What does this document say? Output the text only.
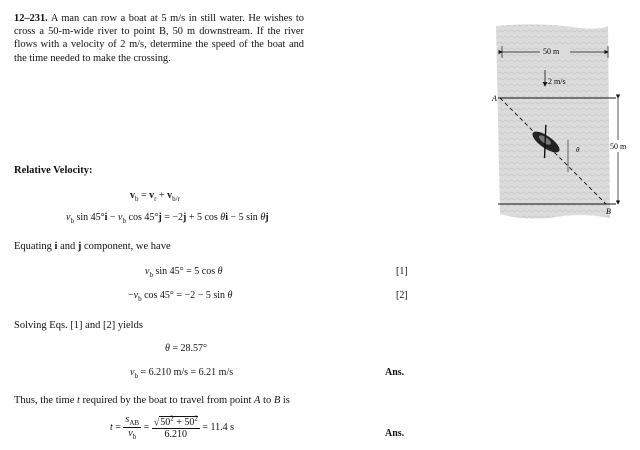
12–231. A man can row a boat at 5 m/s in still water. He wishes to cross a 50-m-wide river to point B, 50 m downstream. If the river flows with a velocity of 2 m/s, determine the speed of the boat and the time needed to make the crossing.
50 m
2 m/s
A
B
θ	50 m
Relative Velocity:
$v_b = v_r + v_{b/r}$
$v_b$ $\sin 45^\circ i - v_b$ cos 45°j = −2j + 5 cos θi − 5 sin θj
Equating i and j component, we have
$v_b$ sin 45° = 5 cos θ	[1]
$-v_b$ cos 45° = −2 − 5 sin θ	[2]
Solving Eqs. [1] and [2] yields
θ = 28.57°
$v_b = 6.210$ m/s = 6.21 m/s	Ans.
Thus, the time t required by the boat to travel from point A to B is
$t = \frac{s_{AB}}{v_b} = \frac{√50^2 + 50^2}{6.210} = 11.4$ s
Ans.
